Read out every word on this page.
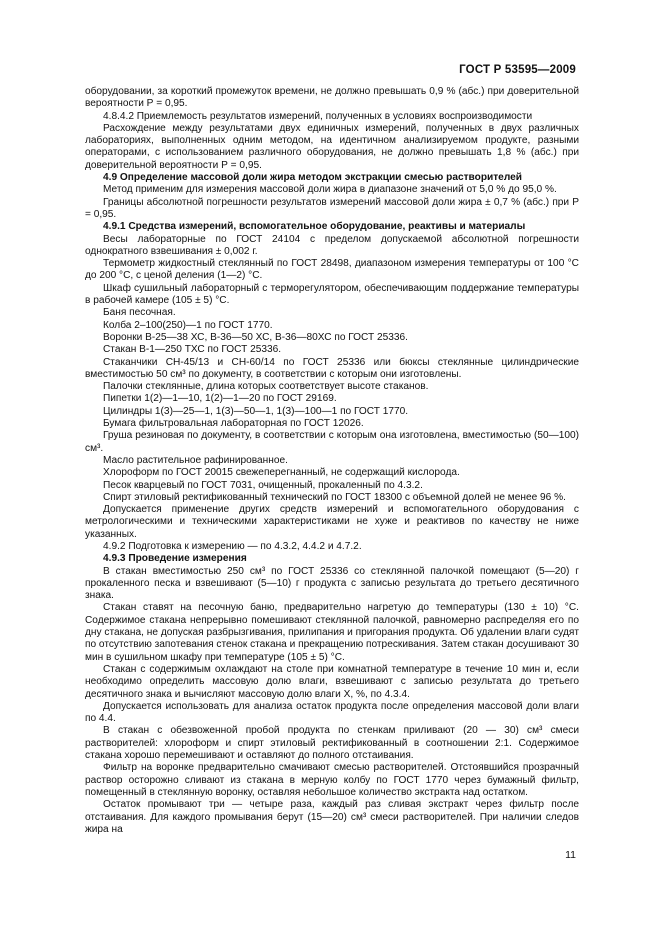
ГОСТ Р 53595—2009

оборудовании, за короткий промежуток времени, не должно превышать 0,9 % (абс.) при доверительной вероятности Р = 0,95.

4.8.4.2 Приемлемость результатов измерений, полученных в условиях воспроизводимости

Расхождение между результатами двух единичных измерений, полученных в двух различных лабораториях, выполненных одним методом, на идентичном анализируемом продукте, разными операторами, с использованием различного оборудования, не должно превышать 1,8 % (абс.) при доверительной вероятности Р = 0,95.

4.9 Определение массовой доли жира методом экстракции смесью растворителей

Метод применим для измерения массовой доли жира в диапазоне значений от 5,0 % до 95,0 %.

Границы абсолютной погрешности результатов измерений массовой доли жира ± 0,7 % (абс.) при Р = 0,95.

4.9.1 Средства измерений, вспомогательное оборудование, реактивы и материалы

Весы лабораторные по ГОСТ 24104 с пределом допускаемой абсолютной погрешности однократного взвешивания ± 0,002 г.

Термометр жидкостный стеклянный по ГОСТ 28498, диапазоном измерения температуры от 100 °С до 200 °С, с ценой деления (1—2) °С.

Шкаф сушильный лабораторный с терморегулятором, обеспечивающим поддержание температуры в рабочей камере (105 ± 5) °С.

Баня песочная.

Колба 2–100(250)—1 по ГОСТ 1770.

Воронки В-25—38 ХС, В-36—50 ХС, В-36—80ХС по ГОСТ 25336.

Стакан В-1—250 ТХС по ГОСТ 25336.

Стаканчики СН-45/13 и СН-60/14 по ГОСТ 25336 или бюксы стеклянные цилиндрические вместимостью 50 см³ по документу, в соответствии с которым они изготовлены.

Палочки стеклянные, длина которых соответствует высоте стаканов.

Пипетки 1(2)—1—10, 1(2)—1—20 по ГОСТ 29169.

Цилиндры 1(3)—25—1, 1(3)—50—1, 1(3)—100—1 по ГОСТ 1770.

Бумага фильтровальная лабораторная по ГОСТ 12026.

Груша резиновая по документу, в соответствии с которым она изготовлена, вместимостью (50—100) см³.

Масло растительное рафинированное.

Хлороформ по ГОСТ 20015 свежеперегнанный, не содержащий кислорода.

Песок кварцевый по ГОСТ 7031, очищенный, прокаленный по 4.3.2.

Спирт этиловый ректификованный технический по ГОСТ 18300 с объемной долей не менее 96 %.

Допускается применение других средств измерений и вспомогательного оборудования с метрологическими и техническими характеристиками не хуже и реактивов по качеству не ниже указанных.

4.9.2 Подготовка к измерению — по 4.3.2, 4.4.2 и 4.7.2.

4.9.3 Проведение измерения

В стакан вместимостью 250 см³ по ГОСТ 25336 со стеклянной палочкой помещают (5—20) г прокаленного песка и взвешивают (5—10) г продукта с записью результата до третьего десятичного знака.

Стакан ставят на песочную баню, предварительно нагретую до температуры (130 ± 10) °С. Содержимое стакана непрерывно помешивают стеклянной палочкой, равномерно распределяя его по дну стакана, не допуская разбрызгивания, прилипания и пригорания продукта. Об удалении влаги судят по отсутствию запотевания стенок стакана и прекращению потрескивания. Затем стакан досушивают 30 мин в сушильном шкафу при температуре (105 ± 5) °С.

Стакан с содержимым охлаждают на столе при комнатной температуре в течение 10 мин и, если необходимо определить массовую долю влаги, взвешивают с записью результата до третьего десятичного знака и вычисляют массовую долю влаги X, %, по 4.3.4.

Допускается использовать для анализа остаток продукта после определения массовой доли влаги по 4.4.

В стакан с обезвоженной пробой продукта по стенкам приливают (20 — 30) см³ смеси растворителей: хлороформ и спирт этиловый ректификованный в соотношении 2:1. Содержимое стакана хорошо перемешивают и оставляют до полного отстаивания.

Фильтр на воронке предварительно смачивают смесью растворителей. Отстоявшийся прозрачный раствор осторожно сливают из стакана в мерную колбу по ГОСТ 1770 через бумажный фильтр, помещенный в стеклянную воронку, оставляя небольшое количество экстракта над остатком.

Остаток промывают три — четыре раза, каждый раз сливая экстракт через фильтр после отстаивания. Для каждого промывания берут (15—20) см³ смеси растворителей. При наличии следов жира на

11
